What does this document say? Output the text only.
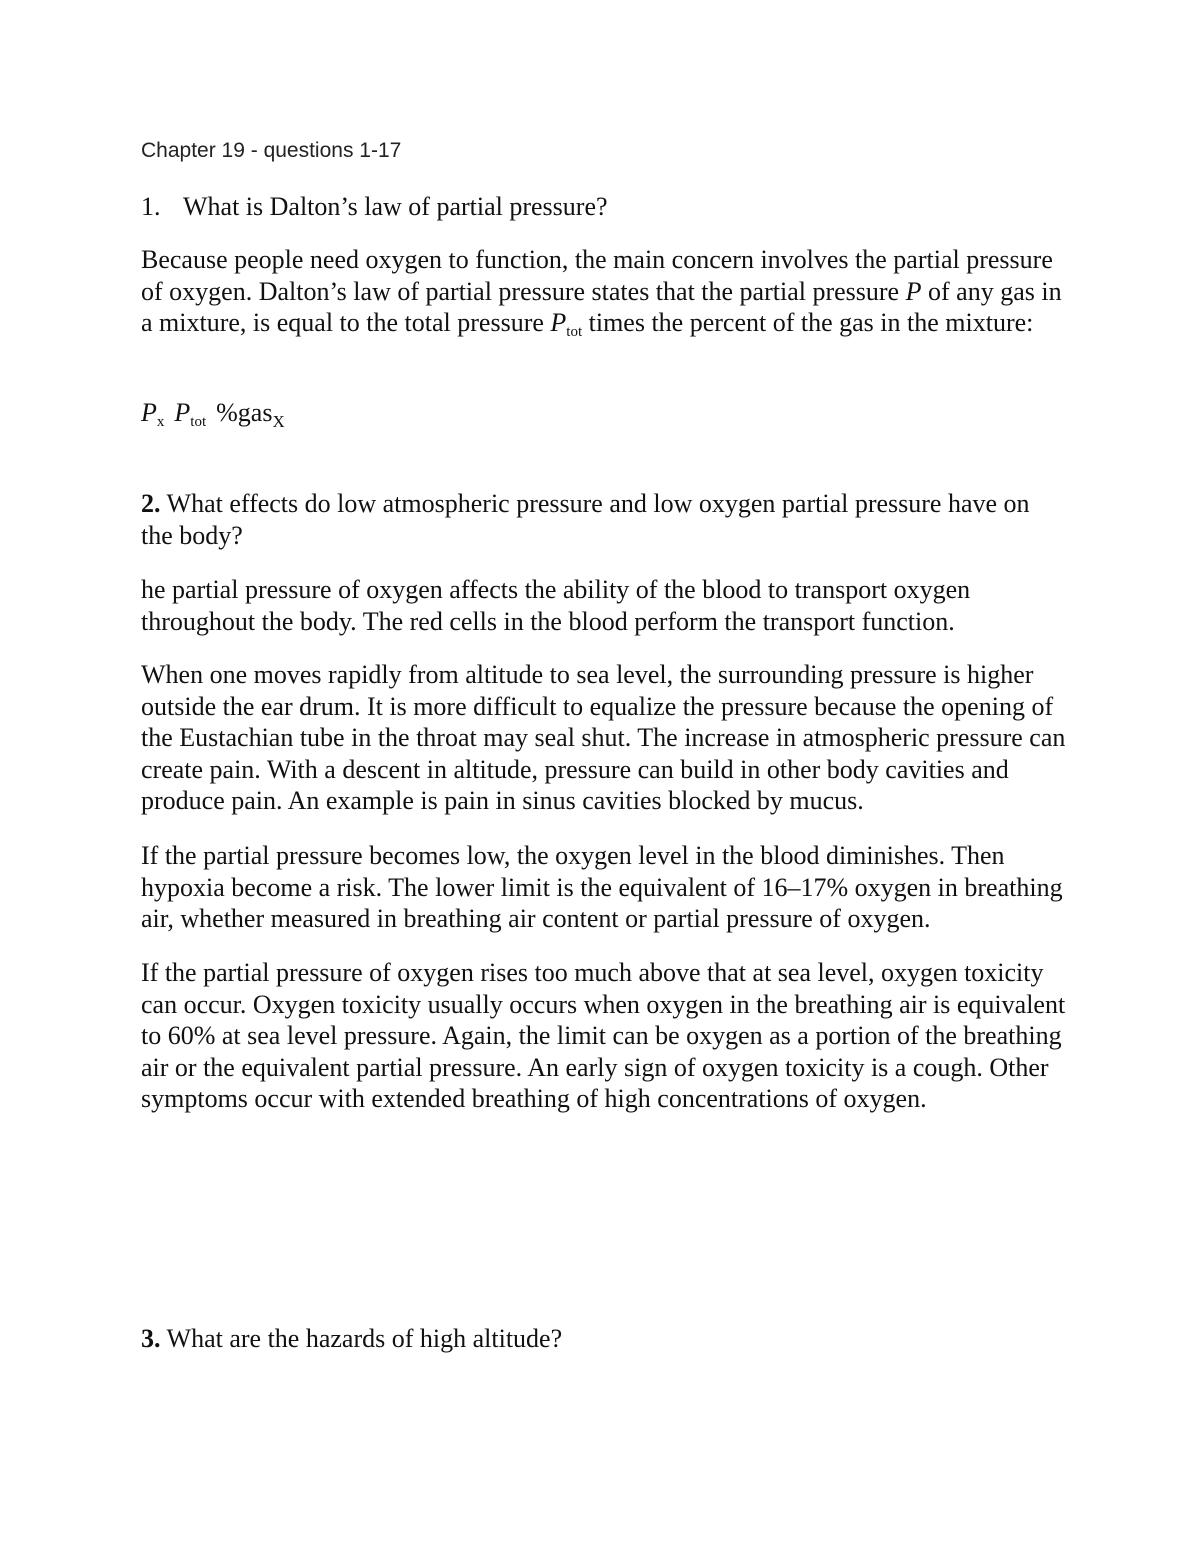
Chapter 19 - questions 1-17

1. What is Dalton’s law of partial pressure?

Because people need oxygen to function, the main concern involves the partial pressure of oxygen. Dalton’s law of partial pressure states that the partial pressure P of any gas in a mixture, is equal to the total pressure $P_{tot}$ times the percent of the gas in the mixture:

$P_x$ $P_{tot}$ %gas$_X$

2. What effects do low atmospheric pressure and low oxygen partial pressure have on the body?

he partial pressure of oxygen affects the ability of the blood to transport oxygen throughout the body. The red cells in the blood perform the transport function.

When one moves rapidly from altitude to sea level, the surrounding pressure is higher outside the ear drum. It is more difficult to equalize the pressure because the opening of the Eustachian tube in the throat may seal shut. The increase in atmospheric pressure can create pain. With a descent in altitude, pressure can build in other body cavities and produce pain. An example is pain in sinus cavities blocked by mucus.

If the partial pressure becomes low, the oxygen level in the blood diminishes. Then hypoxia become a risk. The lower limit is the equivalent of 16–17% oxygen in breathing air, whether measured in breathing air content or partial pressure of oxygen.

If the partial pressure of oxygen rises too much above that at sea level, oxygen toxicity can occur. Oxygen toxicity usually occurs when oxygen in the breathing air is equivalent to 60% at sea level pressure. Again, the limit can be oxygen as a portion of the breathing air or the equivalent partial pressure. An early sign of oxygen toxicity is a cough. Other symptoms occur with extended breathing of high concentrations of oxygen.

3. What are the hazards of high altitude?
